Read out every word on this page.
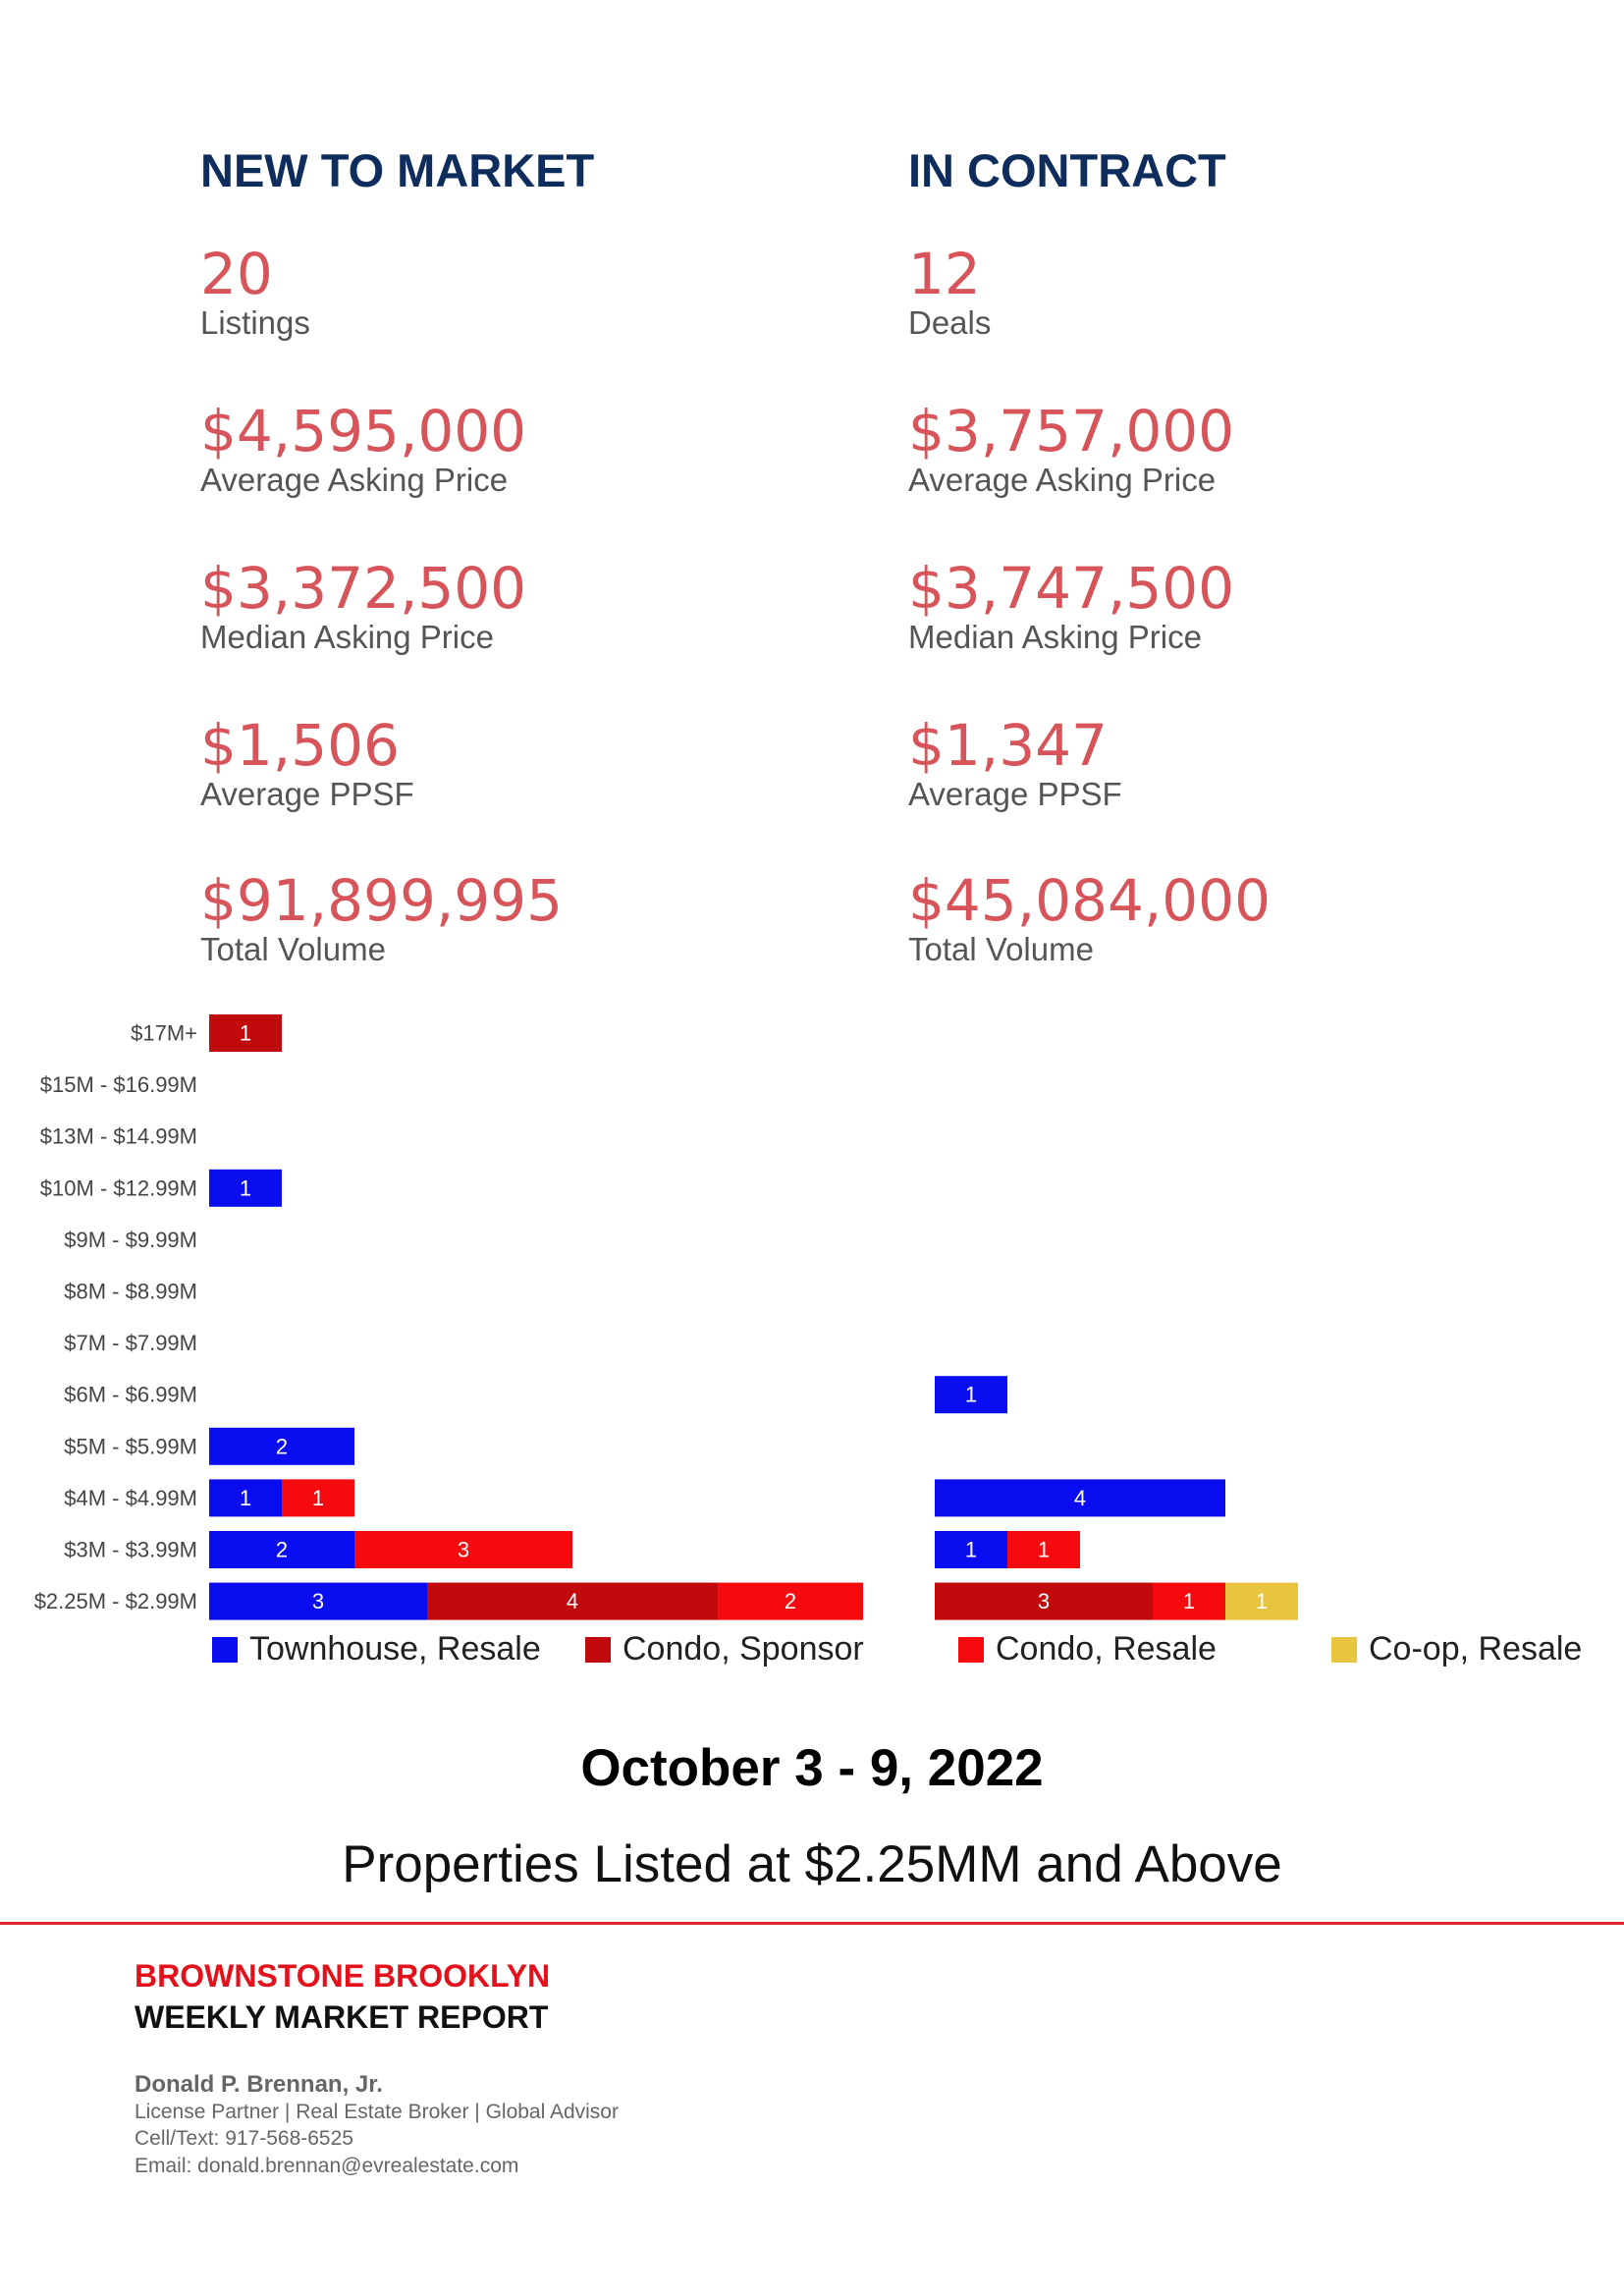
NEW TO MARKET
20
Listings
$4,595,000
Average Asking Price
$3,372,500
Median Asking Price
$1,506
Average PPSF
$91,899,995
Total Volume
IN CONTRACT
12
Deals
$3,757,000
Average Asking Price
$3,747,500
Median Asking Price
$1,347
Average PPSF
$45,084,000
Total Volume
$17M+
$15M - $16.99M
$13M - $14.99M
$10M - $12.99M
$9M - $9.99M
$8M - $8.99M
$7M - $7.99M
$6M - $6.99M
$5M - $5.99M
$4M - $4.99M
$3M - $3.99M
$2.25M - $2.99M
1
1
2
1	1
2	3
3	4	2
1
4
1	1
3	1	1
Townhouse, Resale Condo, Sponsor	Condo, Resale	Co-op, Resale
October 3 - 9, 2022
Properties Listed at $2.25MM and Above
BROWNSTONE BROOKLYN
WEEKLY MARKET REPORT
Donald P. Brennan, Jr.
License Partner | Real Estate Broker | Global Advisor
Cell/Text: 917-568-6525
Email: donald.brennan@evrealestate.com
